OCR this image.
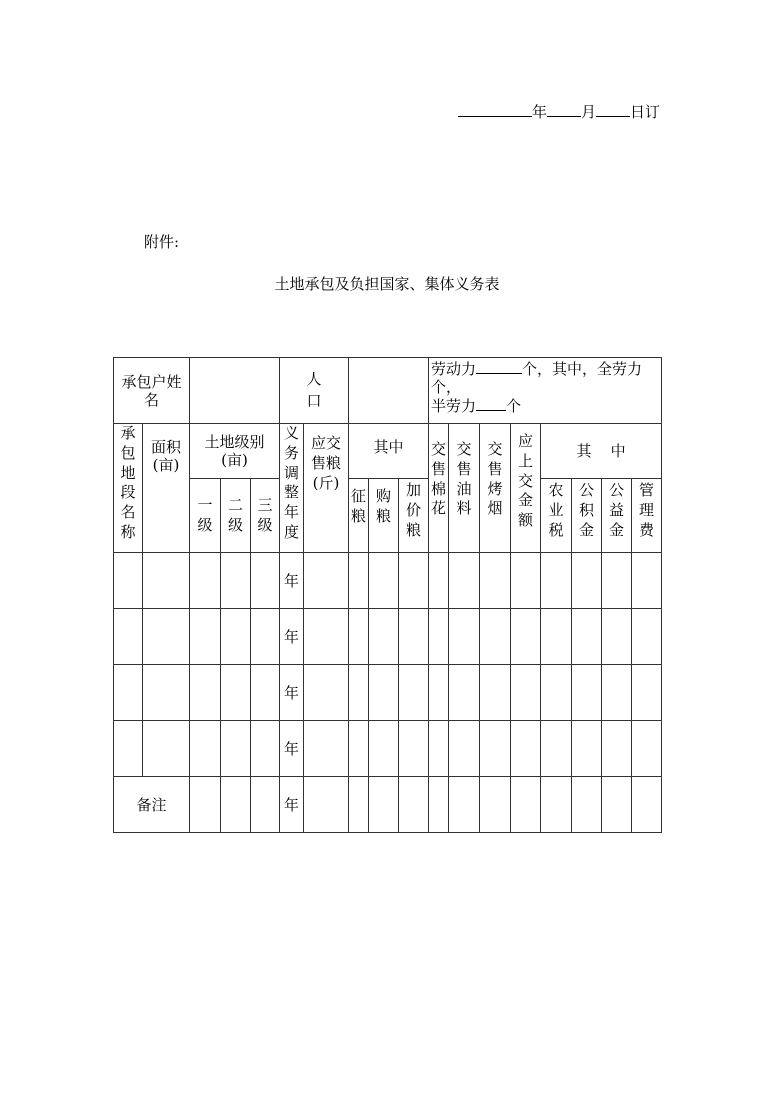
年 月 日订
附件:
土地承包及负担国家、集体义务表
承包户姓名					人口					劳动力 个，其中，全劳力个，
半劳力 个							
承包地段名称	面积(亩)	土地级别(亩)			义务调整年度	应交售粮(斤)	其中			交售棉花	交售油料	交售烤烟	应上交金额	其    中			
		一级	二级	三级			征粮	购粮	加价粮					农业税	公积金	公益金	管理费
					年												
					年												
					年												
					年												
备注					年												
